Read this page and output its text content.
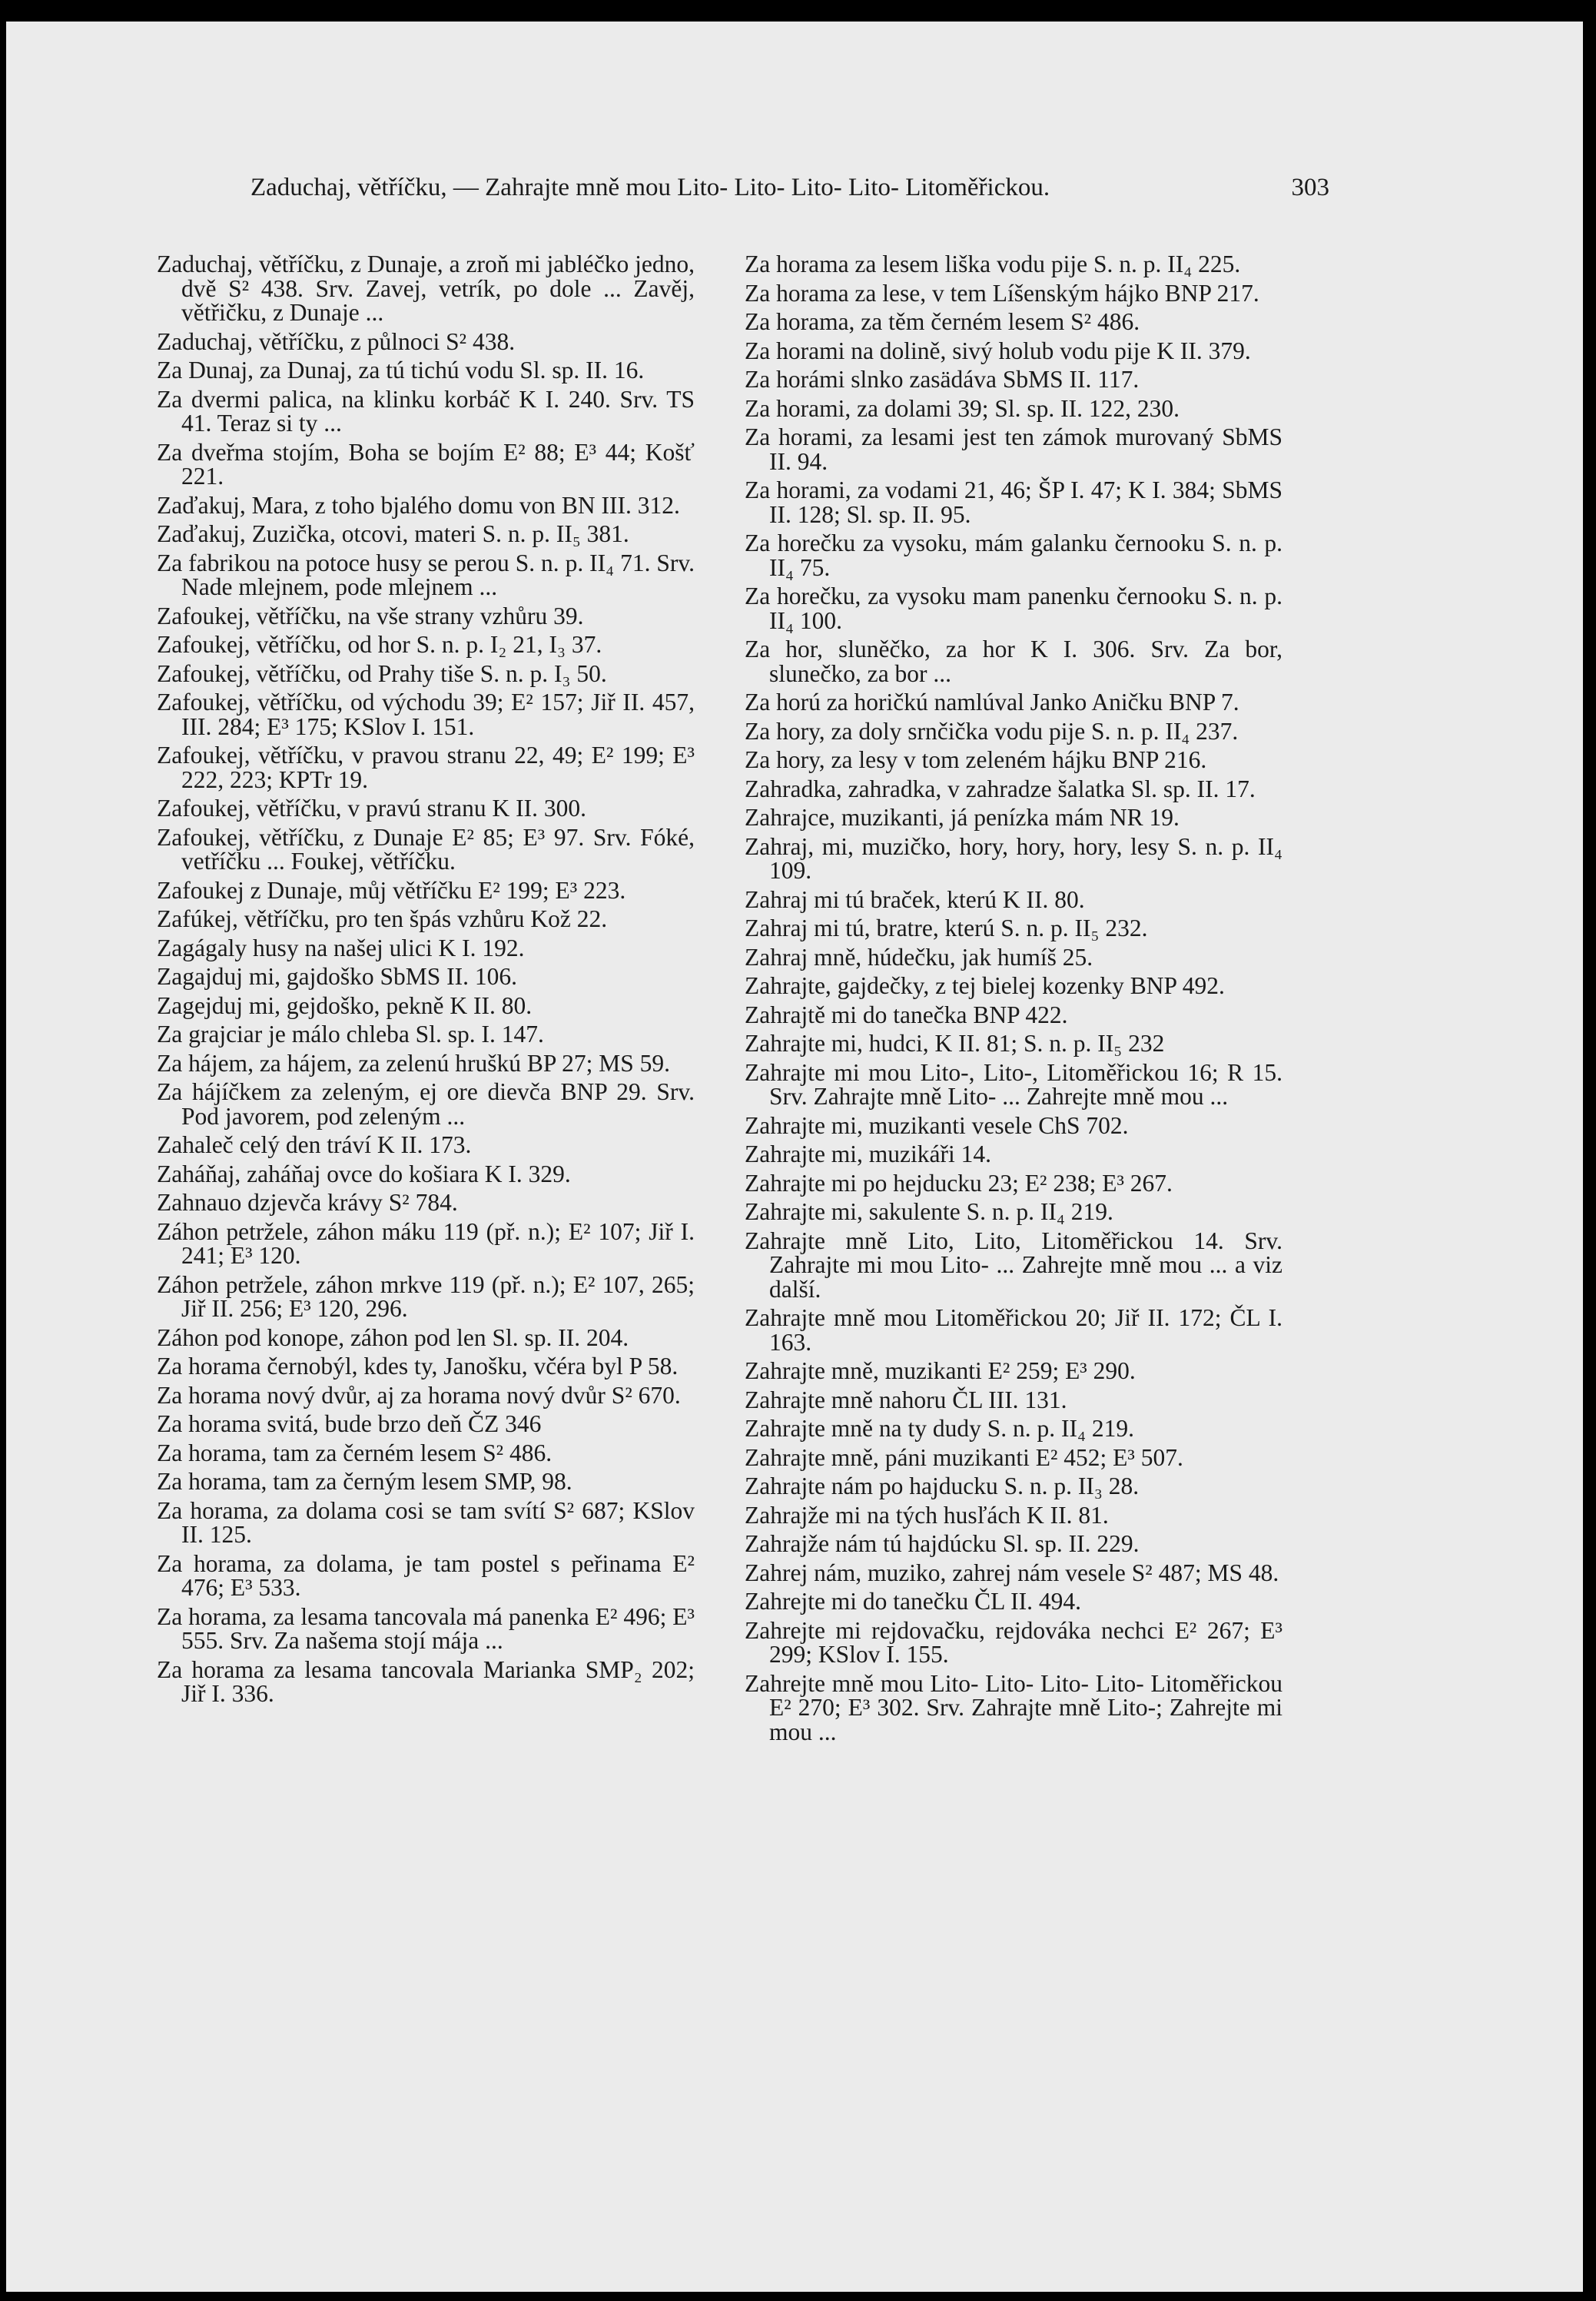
Zaduchaj, větříčku, — Zahrajte mně mou Lito- Lito- Lito- Lito- Litoměřickou.	303

Zaduchaj, větříčku, z Dunaje, a zroň mi jabléčko jedno, dvě S² 438. Srv. Zavej, vetrík, po dole ... Zavěj, větřičku, z Dunaje ...

Zaduchaj, větříčku, z půlnoci S² 438.

Za Dunaj, za Dunaj, za tú tichú vodu Sl. sp. II. 16.

Za dvermi palica, na klinku korbáč K I. 240. Srv. TS 41. Teraz si ty ...

Za dveřma stojím, Boha se bojím E² 88; E³ 44; Košť 221.

Zaďakuj, Mara, z toho bjalého domu von BN III. 312.

Zaďakuj, Zuzička, otcovi, materi S. n. p. II₅ 381.

Za fabrikou na potoce husy se perou S. n. p. II₄ 71. Srv. Nade mlejnem, pode mlejnem ...

Zafoukej, větříčku, na vše strany vzhůru 39.

Zafoukej, větříčku, od hor S. n. p. I₂ 21, I₃ 37.

Zafoukej, větříčku, od Prahy tiše S. n. p. I₃ 50.

Zafoukej, větříčku, od východu 39; E² 157; Jiř II. 457, III. 284; E³ 175; KSlov I. 151.

Zafoukej, větříčku, v pravou stranu 22, 49; E² 199; E³ 222, 223; KPTr 19.

Zafoukej, větříčku, v pravú stranu K II. 300.

Zafoukej, větříčku, z Dunaje E² 85; E³ 97. Srv. Fóké, vetříčku ... Foukej, větříčku.

Zafoukej z Dunaje, můj větříčku E² 199; E³ 223.

Zafúkej, větříčku, pro ten špás vzhůru Kož 22.

Zagágaly husy na našej ulici K I. 192.

Zagajduj mi, gajdoško SbMS II. 106.

Zagejduj mi, gejdoško, pekně K II. 80.

Za grajciar je málo chleba Sl. sp. I. 147.

Za hájem, za hájem, za zelenú hruškú BP 27; MS 59.

Za hájíčkem za zeleným, ej ore dievča BNP 29. Srv. Pod javorem, pod zeleným ...

Zahaleč celý den tráví K II. 173.

Zaháňaj, zaháňaj ovce do košiara K I. 329.

Zahnauo dzjevča krávy S² 784.

Záhon petržele, záhon máku 119 (př. n.); E² 107; Jiř I. 241; E³ 120.

Záhon petržele, záhon mrkve 119 (př. n.); E² 107, 265; Jiř II. 256; E³ 120, 296.

Záhon pod konope, záhon pod len Sl. sp. II. 204.

Za horama černobýl, kdes ty, Janošku, včéra byl P 58.

Za horama nový dvůr, aj za horama nový dvůr S² 670.

Za horama svitá, bude brzo deň ČZ 346

Za horama, tam za černém lesem S² 486.

Za horama, tam za černým lesem SMP, 98.

Za horama, za dolama cosi se tam svítí S² 687; KSlov II. 125.

Za horama, za dolama, je tam postel s peřinama E² 476; E³ 533.

Za horama, za lesama tancovala má panenka E² 496; E³ 555. Srv. Za našema stojí mája ...

Za horama za lesama tancovala Marianka SMP₂ 202; Jiř I. 336.

Za horama za lesem liška vodu pije S. n. p. II₄ 225.

Za horama za lese, v tem Líšenským hájko BNP 217.

Za horama, za těm černém lesem S² 486.

Za horami na dolině, sivý holub vodu pije K II. 379.

Za horámi slnko zasädáva SbMS II. 117.

Za horami, za dolami 39; Sl. sp. II. 122, 230.

Za horami, za lesami jest ten zámok murovaný SbMS II. 94.

Za horami, za vodami 21, 46; ŠP I. 47; K I. 384; SbMS II. 128; Sl. sp. II. 95.

Za horečku za vysoku, mám galanku černooku S. n. p. II₄ 75.

Za horečku, za vysoku mam panenku černooku S. n. p. II₄ 100.

Za hor, sluněčko, za hor K I. 306. Srv. Za bor, slunečko, za bor ...

Za horú za horičkú namlúval Janko Aničku BNP 7.

Za hory, za doly srnčička vodu pije S. n. p. II₄ 237.

Za hory, za lesy v tom zeleném hájku BNP 216.

Zahradka, zahradka, v zahradze šalatka Sl. sp. II. 17.

Zahrajce, muzikanti, já penízka mám NR 19.

Zahraj, mi, muzičko, hory, hory, hory, lesy S. n. p. II₄ 109.

Zahraj mi tú braček, kterú K II. 80.

Zahraj mi tú, bratre, kterú S. n. p. II₅ 232.

Zahraj mně, húdečku, jak humíš 25.

Zahrajte, gajdečky, z tej bielej kozenky BNP 492.

Zahrajtě mi do tanečka BNP 422.

Zahrajte mi, hudci, K II. 81; S. n. p. II₅ 232

Zahrajte mi mou Lito-, Lito-, Litoměřickou 16; R 15. Srv. Zahrajte mně Lito- ... Zahrejte mně mou ...

Zahrajte mi, muzikanti vesele ChS 702.

Zahrajte mi, muzikáři 14.

Zahrajte mi po hejducku 23; E² 238; E³ 267.

Zahrajte mi, sakulente S. n. p. II₄ 219.

Zahrajte mně Lito, Lito, Litoměřickou 14. Srv. Zahrajte mi mou Lito- ... Zahrejte mně mou ... a viz další.

Zahrajte mně mou Litoměřickou 20; Jiř II. 172; ČL I. 163.

Zahrajte mně, muzikanti E² 259; E³ 290.

Zahrajte mně nahoru ČL III. 131.

Zahrajte mně na ty dudy S. n. p. II₄ 219.

Zahrajte mně, páni muzikanti E² 452; E³ 507.

Zahrajte nám po hajducku S. n. p. II₃ 28.

Zahrajže mi na tých husľách K II. 81.

Zahrajže nám tú hajdúcku Sl. sp. II. 229.

Zahrej nám, muziko, zahrej nám vesele S² 487; MS 48.

Zahrejte mi do tanečku ČL II. 494.

Zahrejte mi rejdovačku, rejdováka nechci E² 267; E³ 299; KSlov I. 155.

Zahrejte mně mou Lito- Lito- Lito- Lito- Litoměřickou E² 270; E³ 302. Srv. Zahrajte mně Lito-; Zahrejte mi mou ...
